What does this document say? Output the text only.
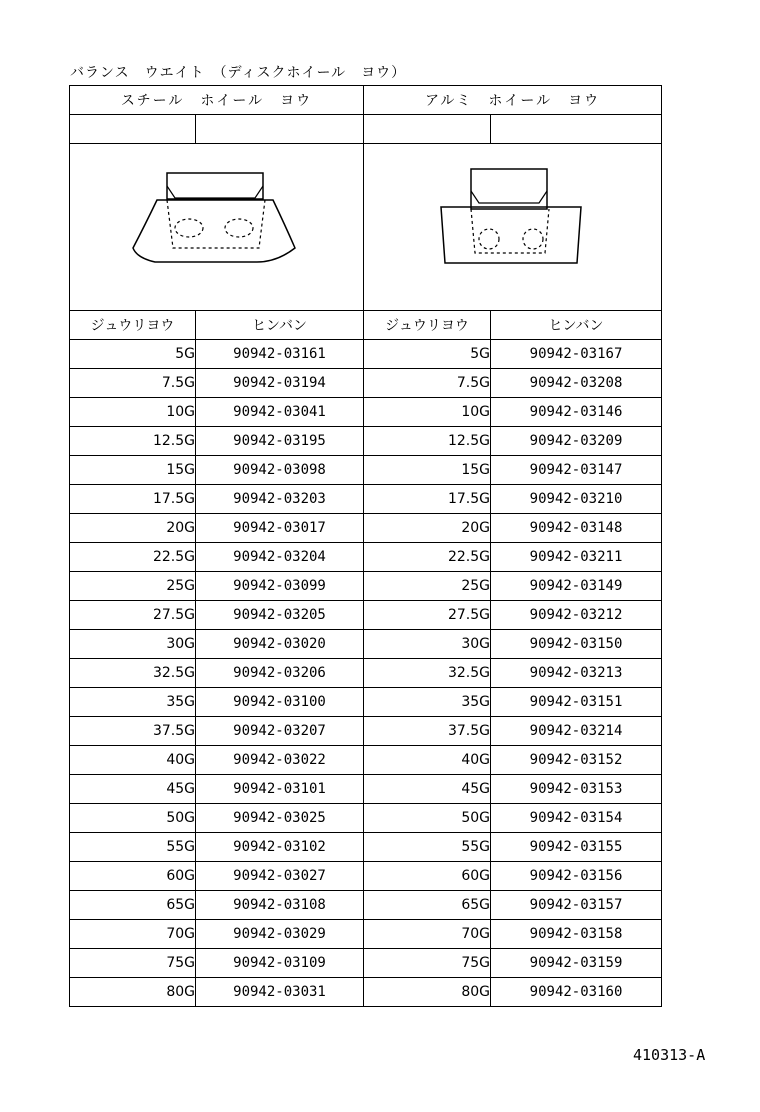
バランス　ウエイト　（ディスクホイール　ヨウ）
スチール　ホイール　ヨウ		アルミ　ホイール　ヨウ	

ジュウリヨウ	ヒンバン	ジュウリヨウ	ヒンバン
5G	90942-03161	5G	90942-03167
7.5G	90942-03194	7.5G	90942-03208
10G	90942-03041	10G	90942-03146
12.5G	90942-03195	12.5G	90942-03209
15G	90942-03098	15G	90942-03147
17.5G	90942-03203	17.5G	90942-03210
20G	90942-03017	20G	90942-03148
22.5G	90942-03204	22.5G	90942-03211
25G	90942-03099	25G	90942-03149
27.5G	90942-03205	27.5G	90942-03212
30G	90942-03020	30G	90942-03150
32.5G	90942-03206	32.5G	90942-03213
35G	90942-03100	35G	90942-03151
37.5G	90942-03207	37.5G	90942-03214
40G	90942-03022	40G	90942-03152
45G	90942-03101	45G	90942-03153
50G	90942-03025	50G	90942-03154
55G	90942-03102	55G	90942-03155
60G	90942-03027	60G	90942-03156
65G	90942-03108	65G	90942-03157
70G	90942-03029	70G	90942-03158
75G	90942-03109	75G	90942-03159
80G	90942-03031	80G	90942-03160
410313-A
